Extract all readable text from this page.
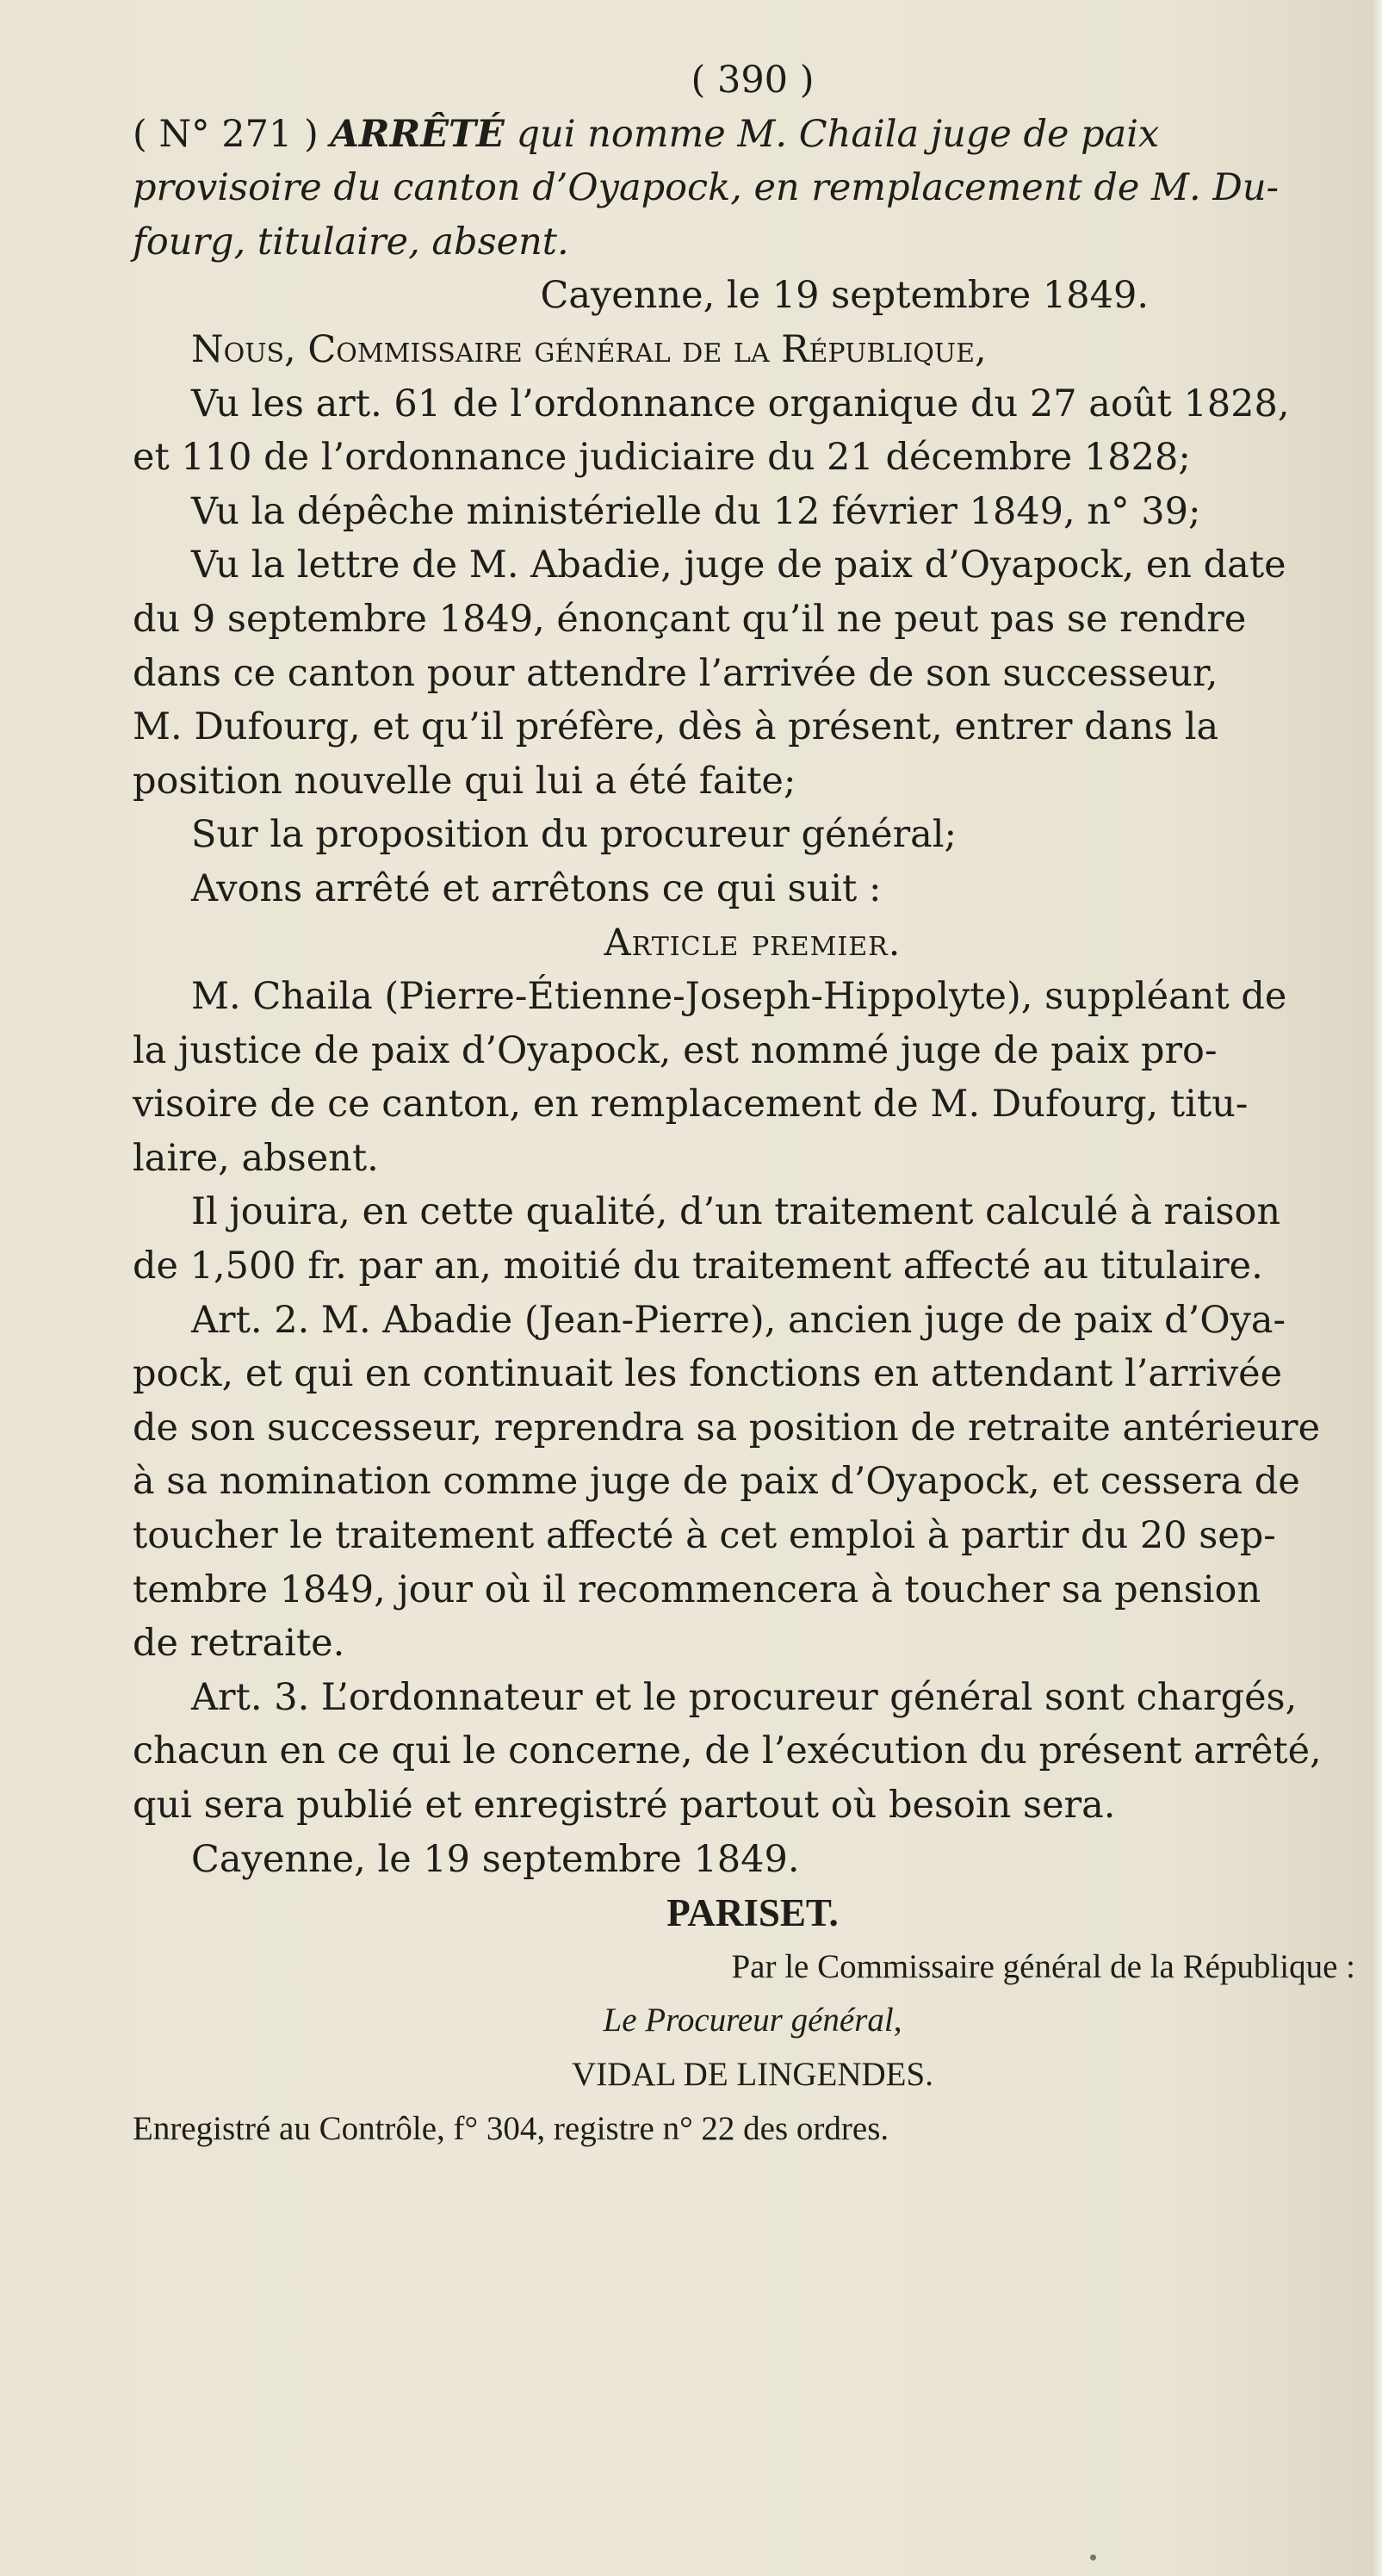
( 390 )

( N° 271 ) ARRÊTÉ qui nomme M. Chaila juge de paix

provisoire du canton d’Oyapock, en remplacement de M. Du-

fourg, titulaire, absent.

Cayenne, le 19 septembre 1849.

Nous, Commissaire général de la République,

Vu les art. 61 de l’ordonnance organique du 27 août 1828,

et 110 de l’ordonnance judiciaire du 21 décembre 1828;

Vu la dépêche ministérielle du 12 février 1849, n° 39;

Vu la lettre de M. Abadie, juge de paix d’Oyapock, en date

du 9 septembre 1849, énonçant qu’il ne peut pas se rendre

dans ce canton pour attendre l’arrivée de son successeur,

M. Dufourg, et qu’il préfère, dès à présent, entrer dans la

position nouvelle qui lui a été faite;

Sur la proposition du procureur général;

Avons arrêté et arrêtons ce qui suit :

Article premier.

M. Chaila (Pierre-Étienne-Joseph-Hippolyte), suppléant de

la justice de paix d’Oyapock, est nommé juge de paix pro-

visoire de ce canton, en remplacement de M. Dufourg, titu-

laire, absent.

Il jouira, en cette qualité, d’un traitement calculé à raison

de 1,500 fr. par an, moitié du traitement affecté au titulaire.

Art. 2. M. Abadie (Jean-Pierre), ancien juge de paix d’Oya-

pock, et qui en continuait les fonctions en attendant l’arrivée

de son successeur, reprendra sa position de retraite antérieure

à sa nomination comme juge de paix d’Oyapock, et cessera de

toucher le traitement affecté à cet emploi à partir du 20 sep-

tembre 1849, jour où il recommencera à toucher sa pension

de retraite.

Art. 3. L’ordonnateur et le procureur général sont chargés,

chacun en ce qui le concerne, de l’exécution du présent arrêté,

qui sera publié et enregistré partout où besoin sera.

Cayenne, le 19 septembre 1849.

PARISET.

Par le Commissaire général de la République :

Le Procureur général,

VIDAL DE LINGENDES.

Enregistré au Contrôle, f° 304, registre n° 22 des ordres.
